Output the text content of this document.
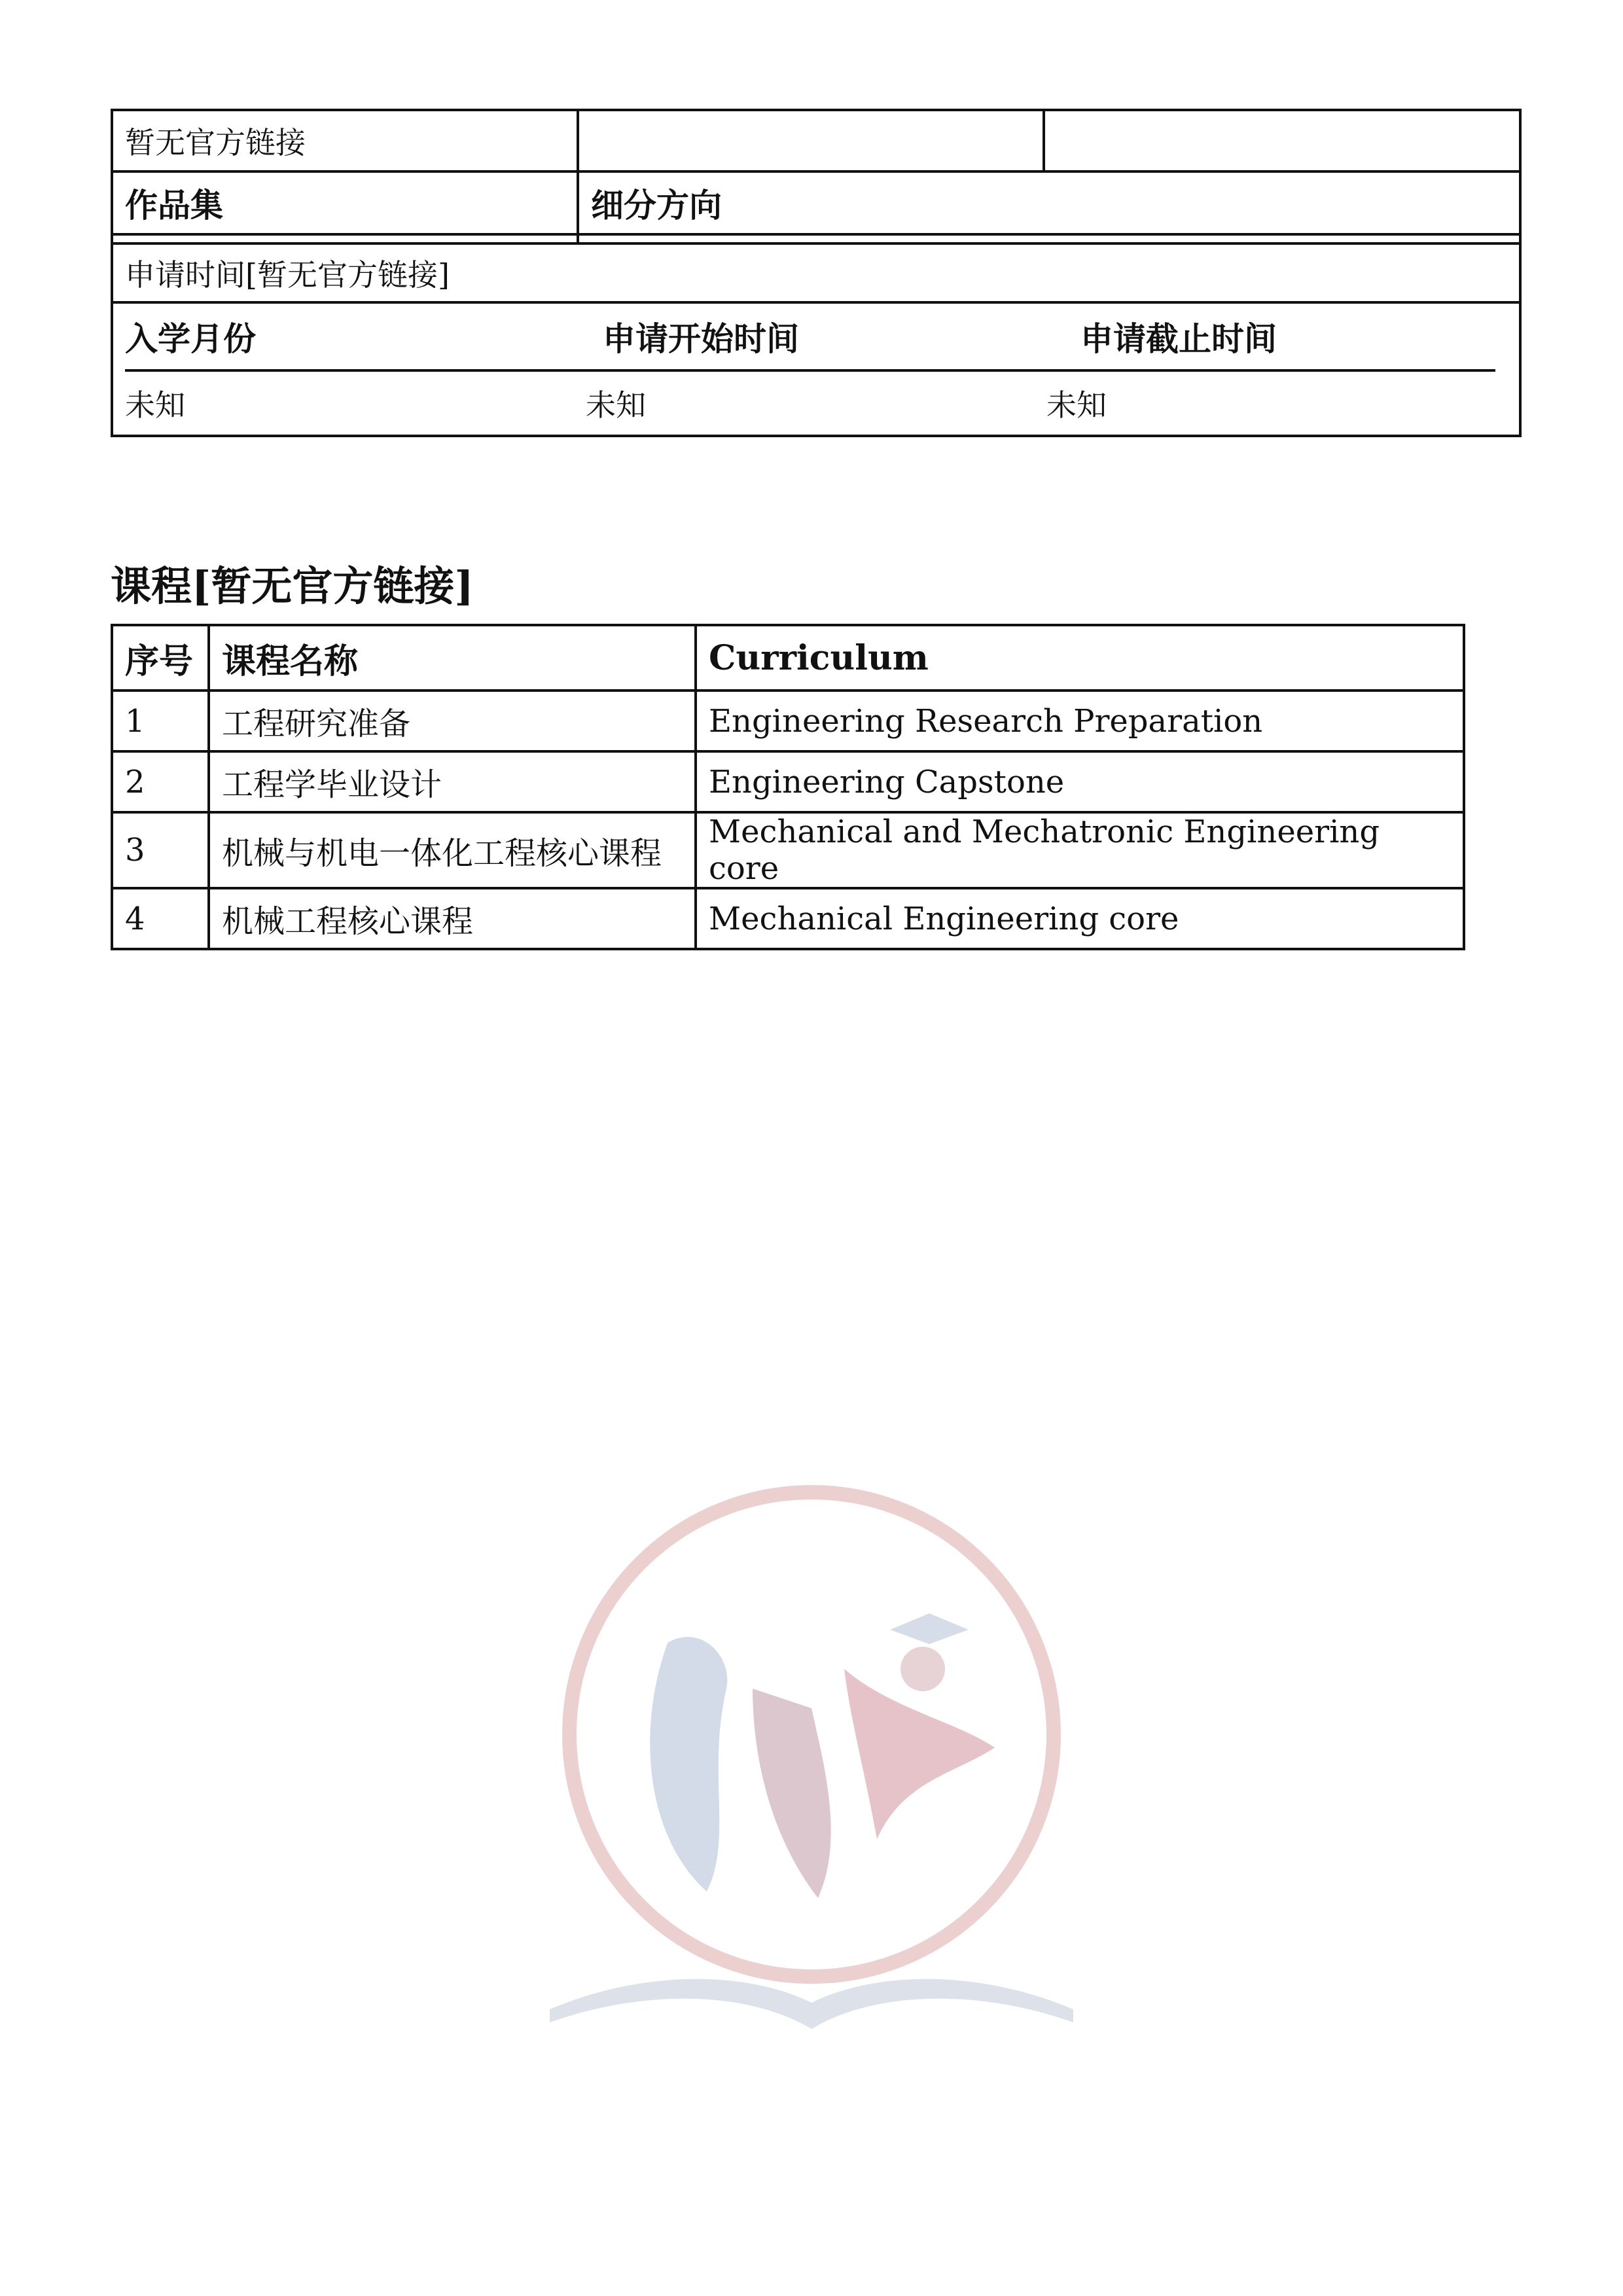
暂无官方链接
作品集	细分方向
申请时间[暂无官方链接]
入学月份	申请开始时间	申请截止时间
未知	未知	未知
课程[暂无官方链接]
序号	课程名称	Curriculum
1	工程研究准备	Engineering Research Preparation
2	工程学毕业设计	Engineering Capstone
3	机械与机电一体化工程核心课程	Mechanical and Mechatronic Engineering core
4	机械工程核心课程	Mechanical Engineering core
